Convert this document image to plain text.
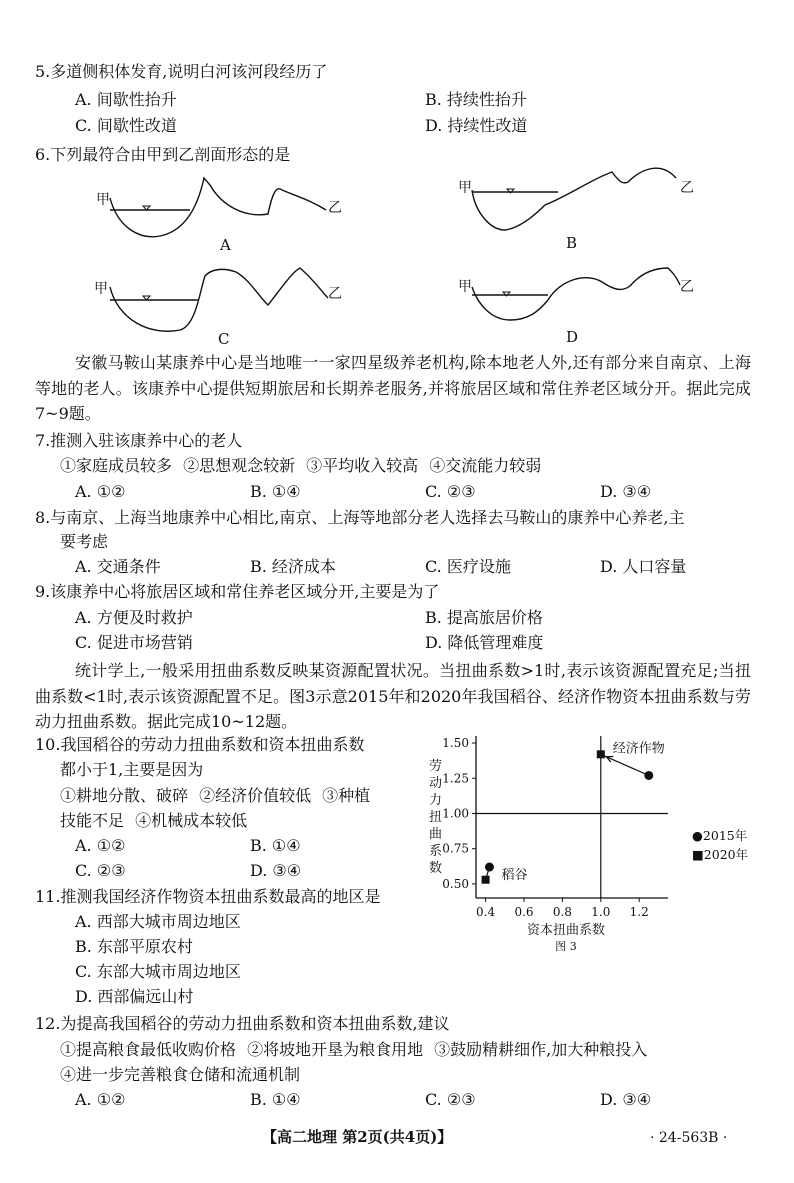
5.多道侧积体发育,说明白河该河段经历了
A. 间歇性抬升	B. 持续性抬升
C. 间歇性改道	D. 持续性改道
6.下列最符合由甲到乙剖面形态的是
甲	乙
A
甲	乙
B
甲	乙
C
甲	乙
D
安徽马鞍山某康养中心是当地唯一一家四星级养老机构,除本地老人外,还有部分来自南京、上海等地的老人。该康养中心提供短期旅居和长期养老服务,并将旅居区域和常住养老区域分开。据此完成7~9题。
7.推测入驻该康养中心的老人
①家庭成员较多 ②思想观念较新 ③平均收入较高 ④交流能力较弱
A. ①②	B. ①④	C. ②③	D. ③④
8.与南京、上海当地康养中心相比,南京、上海等地部分老人选择去马鞍山的康养中心养老,主
要考虑
A. 交通条件	B. 经济成本	C. 医疗设施	D. 人口容量
9.该康养中心将旅居区域和常住养老区域分开,主要是为了
A. 方便及时救护	B. 提高旅居价格
C. 促进市场营销	D. 降低管理难度
统计学上,一般采用扭曲系数反映某资源配置状况。当扭曲系数>1时,表示该资源配置充足;当扭曲系数<1时,表示该资源配置不足。图3示意2015年和2020年我国稻谷、经济作物资本扭曲系数与劳动力扭曲系数。据此完成10~12题。
10.我国稻谷的劳动力扭曲系数和资本扭曲系数
都小于1,主要是因为
①耕地分散、破碎 ②经济价值较低 ③种植
技能不足 ④机械成本较低
A. ①②	B. ①④
C. ②③	D. ③④
0.50
0.75
1.00
1.25
1.50
0.4 0.6 0.8 1.0 1.2
资本扭曲系数
劳动力扭曲系数
图 3
稻谷
经济作物
●2015年
■2020年
11.推测我国经济作物资本扭曲系数最高的地区是
A. 西部大城市周边地区
B. 东部平原农村
C. 东部大城市周边地区
D. 西部偏远山村
12.为提高我国稻谷的劳动力扭曲系数和资本扭曲系数,建议
①提高粮食最低收购价格 ②将坡地开垦为粮食用地 ③鼓励精耕细作,加大种粮投入
④进一步完善粮食仓储和流通机制
A. ①②	B. ①④	C. ②③	D. ③④
【高二地理 第2页(共4页)】	· 24-563B ·
